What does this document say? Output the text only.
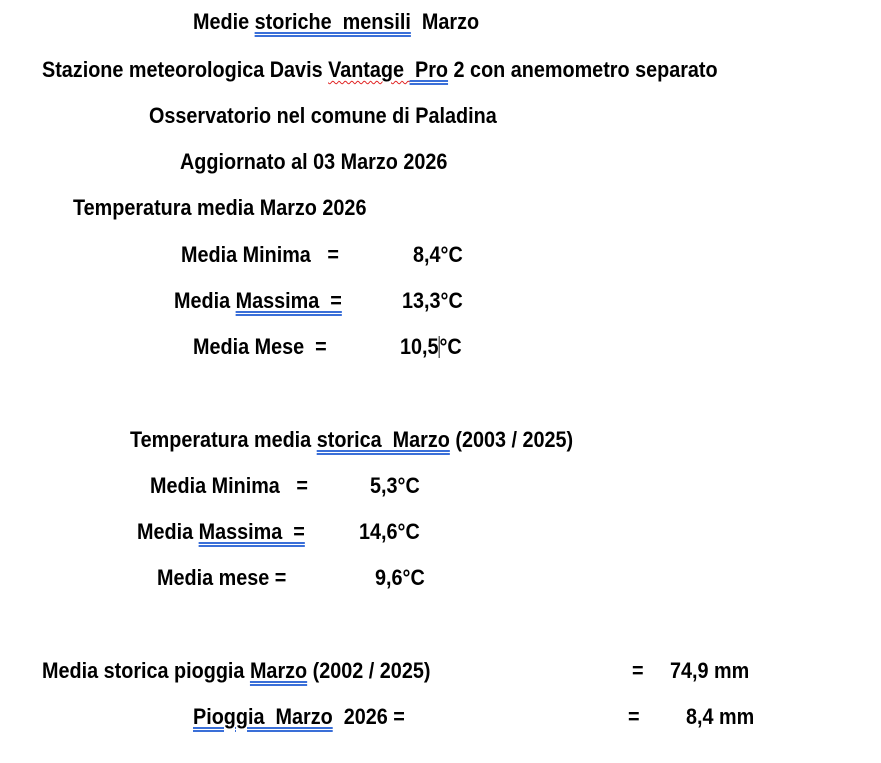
Medie storiche  mensili  Marzo
Stazione meteorologica Davis Vantage  Pro 2 con anemometro separato
Osservatorio nel comune di Paladina
Aggiornato al 03 Marzo 2026
Temperatura media Marzo 2026
Media Minima   =	8,4°C
Media Massima  =	13,3°C
Media Mese  =	10,5°C
Temperatura media storica  Marzo (2003 / 2025)
Media Minima   =	5,3°C
Media Massima  = 14,6°C
Media mese =	9,6°C
Media storica pioggia Marzo (2002 / 2025)	= 74,9 mm
Pioggia  Marzo  2026 =	= 8,4 mm
